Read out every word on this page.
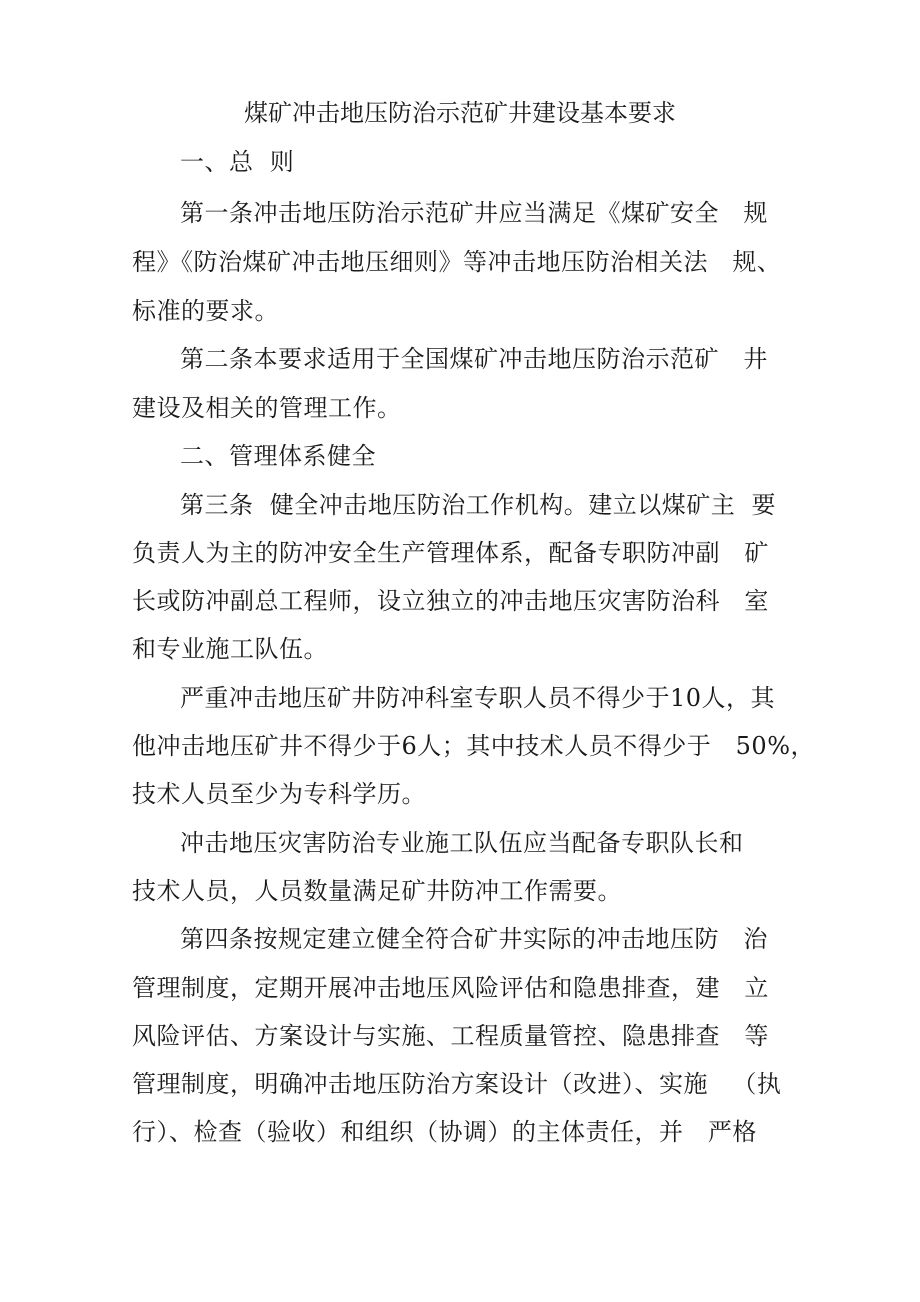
煤矿冲击地压防治示范矿井建设基本要求
一、总  则
第一条冲击地压防治示范矿井应当满足《煤矿安全   规
程》《防治煤矿冲击地压细则》等冲击地压防治相关法   规、
标准的要求。
第二条本要求适用于全国煤矿冲击地压防治示范矿   井
建设及相关的管理工作。
二、管理体系健全
第三条  健全冲击地压防治工作机构。建立以煤矿主  要
负责人为主的防冲安全生产管理体系，配备专职防冲副   矿
长或防冲副总工程师，设立独立的冲击地压灾害防治科   室
和专业施工队伍。
严重冲击地压矿井防冲科室专职人员不得少于10人，其
他冲击地压矿井不得少于6人；其中技术人员不得少于   50%，
技术人员至少为专科学历。
冲击地压灾害防治专业施工队伍应当配备专职队长和
技术人员，人员数量满足矿井防冲工作需要。
第四条按规定建立健全符合矿井实际的冲击地压防   治
管理制度，定期开展冲击地压风险评估和隐患排查，建   立
风险评估、方案设计与实施、工程质量管控、隐患排查   等
管理制度，明确冲击地压防治方案设计（改进）、实施   （执
行）、检查（验收）和组织（协调）的主体责任，并   严格
